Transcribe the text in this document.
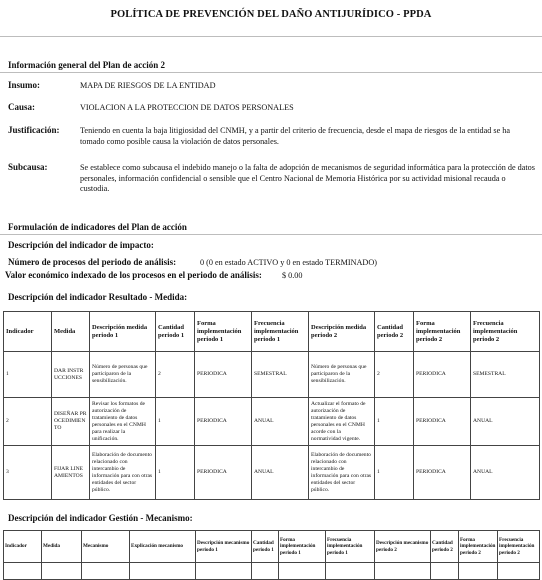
POLÍTICA DE PREVENCIÓN DEL DAÑO ANTIJURÍDICO - PPDA
Información general del Plan de acción 2
Insumo:	MAPA DE RIESGOS DE LA ENTIDAD
Causa:	VIOLACION A LA PROTECCION DE DATOS PERSONALES
Justificación:	Teniendo en cuenta la baja litigiosidad del CNMH, y a partir del criterio de frecuencia, desde el mapa de riesgos de la entidad se ha tomado como posible causa la violación de datos personales.
Subcausa:	Se establece como subcausa el indebido manejo o la falta de adopción de mecanismos de seguridad informática para la protección de datos personales, información confidencial o sensible que el Centro Nacional de Memoria Histórica por su actividad misional recauda o custodia.
Formulación de indicadores del Plan de acción
Descripción del indicador de impacto:
Número de procesos del periodo de análisis:	0 (0 en estado ACTIVO y 0 en estado TERMINADO)
Valor económico indexado de los procesos en el periodo de análisis: $ 0.00
Descripción del indicador Resultado - Medida:
Indicador	Medida	Descripción medida periodo 1	Cantidad periodo 1	Forma implementación periodo 1	Frecuencia implementación periodo 1	Descripción medida periodo 2	Cantidad periodo 2	Forma implementación periodo 2	Frecuencia implementación periodo 2
1	DAR INSTRUCCIONES	Número de personas que participaron de la sensibilización.	2	PERIODICA	SEMESTRAL	Número de personas que participaron de la sensibilización.	2	PERIODICA	SEMESTRAL
2	DISEÑAR PROCEDIMIENTO	Revisar los formatos de autorización de tratamiento de datos personales en el CNMH para realizar la unificación.	1	PERIODICA	ANUAL	Actualizar el formato de autorización de tratamiento de datos personales en el CNMH acorde con la normatividad vigente.	1	PERIODICA	ANUAL
3	FIJAR LINEAMIENTOS	Elaboración de documento relacionado con intercambio de información para con otras entidades del sector público.	1	PERIODICA	ANUAL	Elaboración de documento relacionado con intercambio de información para con otras entidades del sector público.	1	PERIODICA	ANUAL
Descripción del indicador Gestión - Mecanismo:
Indicador	Medida	Mecanismo	Explicación mecanismo	Descripción mecanismo periodo 1	Cantidad periodo 1	Forma implementación periodo 1	Frecuencia implementación periodo 1	Descripción mecanismo periodo 2	Cantidad periodo 2	Forma implementación periodo 2	Frecuencia implementación periodo 2
